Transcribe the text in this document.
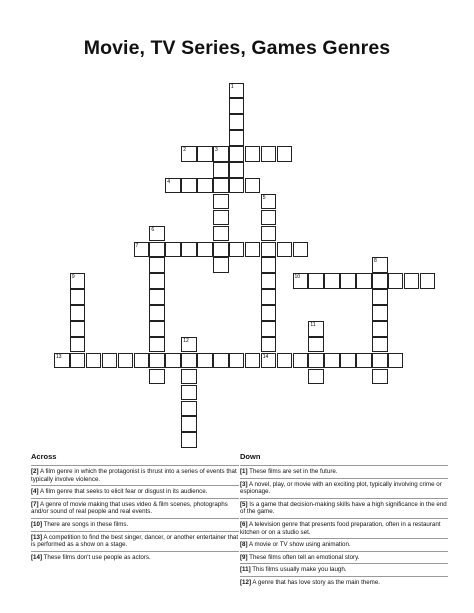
Movie, TV Series, Games Genres
1
2	3
4
5
14
6
7
8
9	10
11
12
13
Across	Down
[2] A film genre in which the protagonist is thrust into a series of events that typically involve violence.
[4] A film genre that seeks to elicit fear or disgust in its audience.
[7] A genre of movie making that uses video & film scenes, photographs and/or sound of real people and real events.
[10] There are songs in these films.
[13] A competition to find the best singer, dancer, or another entertainer that is performed as a show on a stage.
[14] These films don't use people as actors.
[1] These films are set in the future.
[3] A novel, play, or movie with an exciting plot, typically involving crime or espionage.
[5] Is a game that decision-making skills have a high significance in the end of the game.
[6] A television genre that presents food preparation, often in a restaurant kitchen or on a studio set.
[8] A movie or TV show using animation.
[9] These films often tell an emotional story.
[11] This films usually make you laugh.
[12] A genre that has love story as the main theme.
